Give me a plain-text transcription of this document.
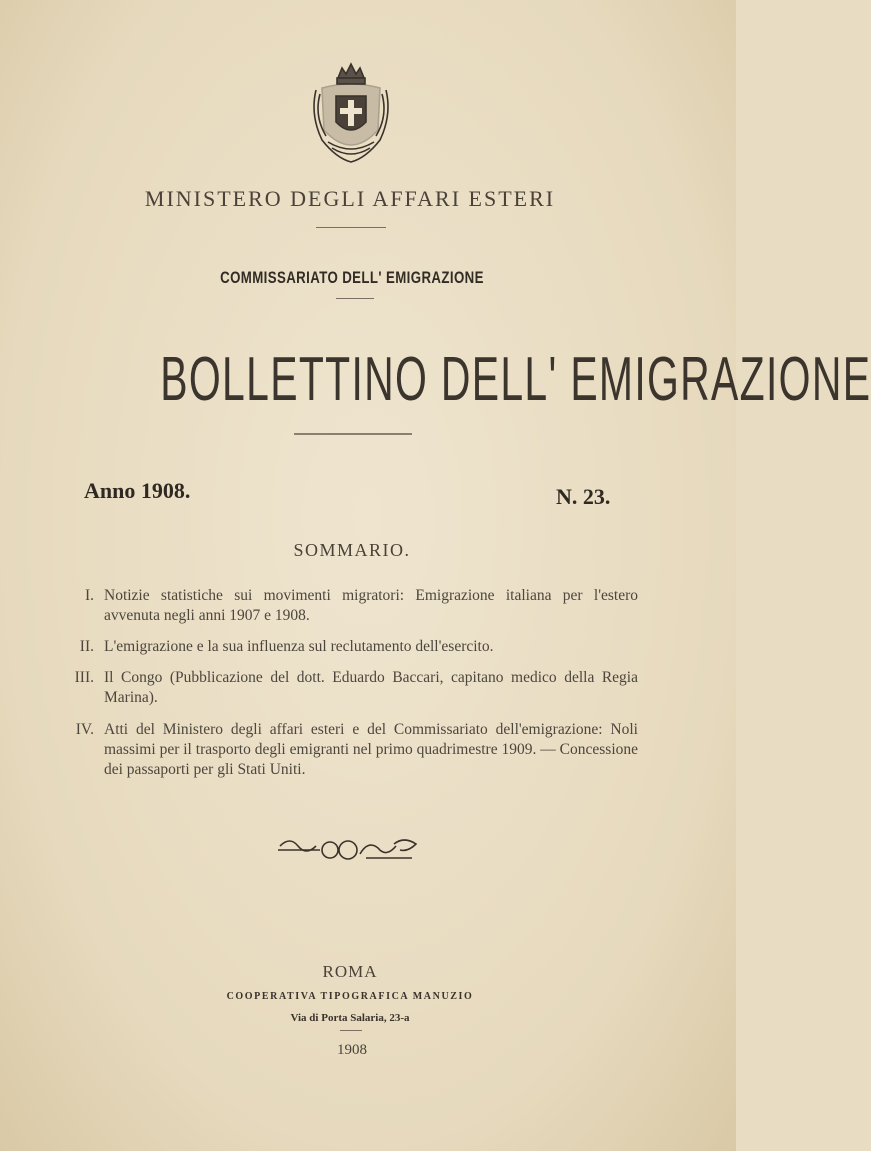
MINISTERO DEGLI AFFARI ESTERI
COMMISSARIATO DELL' EMIGRAZIONE
BOLLETTINO DELL' EMIGRAZIONE
Anno 1908.	N. 23.
SOMMARIO.
I. Notizie statistiche sui movimenti migratori: Emigrazione italiana per l'estero avvenuta negli anni 1907 e 1908.
II. L'emigrazione e la sua influenza sul reclutamento dell'esercito.
III. Il Congo (Pubblicazione del dott. Eduardo Baccari, capitano medico della Regia Marina).
IV. Atti del Ministero degli affari esteri e del Commissariato dell'emigrazione: Noli massimi per il trasporto degli emigranti nel primo quadrimestre 1909. — Concessione dei passaporti per gli Stati Uniti.
ROMA
COOPERATIVA TIPOGRAFICA MANUZIO
Via di Porta Salaria, 23-a
1908
